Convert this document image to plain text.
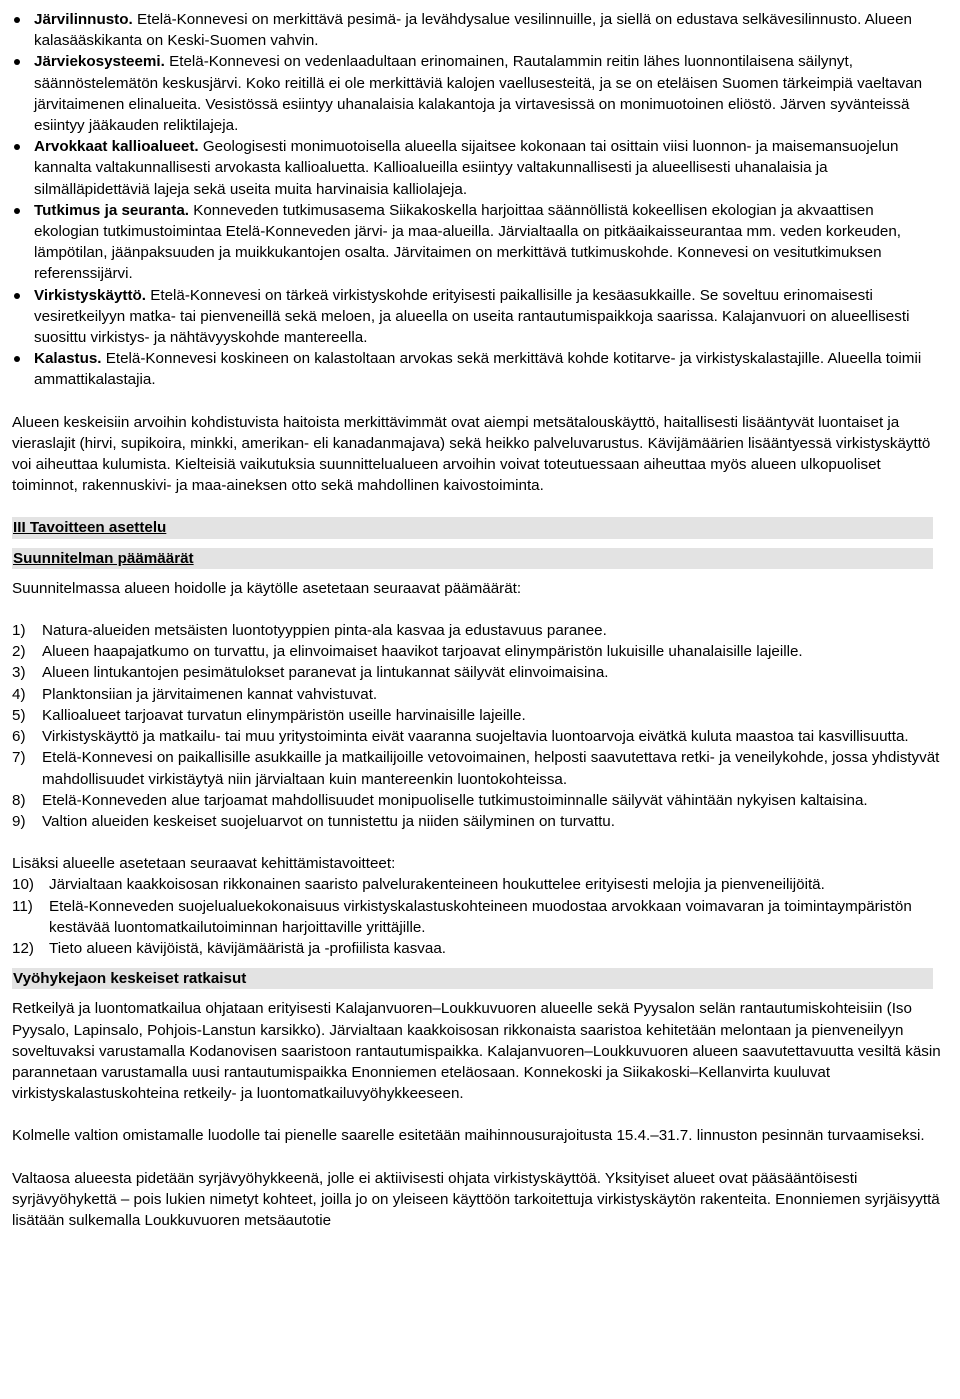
Järvilinnusto. Etelä-Konnevesi on merkittävä pesimä- ja levähdysalue vesilinnuille, ja siellä on edustava selkävesilinnusto. Alueen kalasääskikanta on Keski-Suomen vahvin.
Järviekosysteemi. Etelä-Konnevesi on vedenlaadultaan erinomainen, Rautalammin reitin lähes luonnontilaisena säilynyt, säännöstelemätön keskusjärvi. Koko reitillä ei ole merkittäviä kalojen vaellusesteitä, ja se on eteläisen Suomen tärkeimpiä vaeltavan järvitaimenen elinalueita. Vesistössä esiintyy uhanalaisia kalakantoja ja virtavesissä on monimuotoinen eliöstö. Järven syvänteissä esiintyy jääkauden reliktilajeja.
Arvokkaat kallioalueet. Geologisesti monimuotoisella alueella sijaitsee kokonaan tai osittain viisi luonnon- ja maisemansuojelun kannalta valtakunnallisesti arvokasta kallioaluetta. Kallioalueilla esiintyy valtakunnallisesti ja alueellisesti uhanalaisia ja silmälläpidettäviä lajeja sekä useita muita harvinaisia kalliolajeja.
Tutkimus ja seuranta. Konneveden tutkimusasema Siikakoskella harjoittaa säännöllistä kokeellisen ekologian ja akvaattisen ekologian tutkimustoimintaa Etelä-Konneveden järvi- ja maa-alueilla. Järvialtaalla on pitkäaikaisseurantaa mm. veden korkeuden, lämpötilan, jäänpaksuuden ja muikkukantojen osalta. Järvitaimen on merkittävä tutkimuskohde. Konnevesi on vesitutkimuksen referenssijärvi.
Virkistyskäyttö. Etelä-Konnevesi on tärkeä virkistyskohde erityisesti paikallisille ja kesäasukkaille. Se soveltuu erinomaisesti vesiretkeilyyn matka- tai pienveneillä sekä meloen, ja alueella on useita rantautumispaikkoja saarissa. Kalajanvuori on alueellisesti suosittu virkistys- ja nähtävyyskohde mantereella.
Kalastus. Etelä-Konnevesi koskineen on kalastoltaan arvokas sekä merkittävä kohde kotitarve- ja virkistyskalastajille. Alueella toimii ammattikalastajia.

Alueen keskeisiin arvoihin kohdistuvista haitoista merkittävimmät ovat aiempi metsätalouskäyttö, haitallisesti lisääntyvät luontaiset ja vieraslajit (hirvi, supikoira, minkki, amerikan- eli kanadanmajava) sekä heikko palveluvarustus. Kävijämäärien lisääntyessä virkistyskäyttö voi aiheuttaa kulumista. Kielteisiä vaikutuksia suunnittelualueen arvoihin voivat toteutuessaan aiheuttaa myös alueen ulkopuoliset toiminnot, rakennuskivi- ja maa-aineksen otto sekä mahdollinen kaivostoiminta.

III Tavoitteen asettelu
Suunnitelman päämäärät

Suunnitelmassa alueen hoidolle ja käytölle asetetaan seuraavat päämäärät:

1)	Natura-alueiden metsäisten luontotyyppien pinta-ala kasvaa ja edustavuus paranee.
2)	Alueen haapajatkumo on turvattu, ja elinvoimaiset haavikot tarjoavat elinympäristön lukuisille uhanalaisille lajeille.
3)	Alueen lintukantojen pesimätulokset paranevat ja lintukannat säilyvät elinvoimaisina.
4)	Planktonsiian ja järvitaimenen kannat vahvistuvat.
5)	Kallioalueet tarjoavat turvatun elinympäristön useille harvinaisille lajeille.
6)	Virkistyskäyttö ja matkailu- tai muu yritystoiminta eivät vaaranna suojeltavia luontoarvoja eivätkä kulutа maastoa tai kasvillisuutta.
7)	Etelä-Konnevesi on paikallisille asukkaille ja matkailijoille vetovoimainen, helposti saavutettava retki- ja veneilykohde, jossa yhdistyvät mahdollisuudet virkistäytyä niin järvialtaan kuin mantereenkin luontokohteissa.
8)	Etelä-Konneveden alue tarjoamat mahdollisuudet monipuoliselle tutkimustoiminnalle säilyvät vähintään nykyisen kaltaisina.
9)	Valtion alueiden keskeiset suojeluarvot on tunnistettu ja niiden säilyminen on turvattu.

Lisäksi alueelle asetetaan seuraavat kehittämistavoitteet:

10) Järvialtaan kaakkoisosan rikkonainen saaristo palvelurakenteineen houkuttelee erityisesti melojia ja pienveneilijöitä.
11)	Etelä-Konneveden suojelualuekokonaisuus virkistyskalastuskohteineen muodostaa arvokkaan voimavaran ja toimintaympäristön kestävää luontomatkailutoiminnan harjoittaville yrittäjille.
12) Tieto alueen kävijöistä, kävijämääristä ja -profiilista kasvaa.
Vyöhykejaon keskeiset ratkaisut

Retkeilyä ja luontomatkailua ohjataan erityisesti Kalajanvuoren–Loukkuvuoren alueelle sekä Pyysalon selän rantautumiskohteisiin (Iso Pyysalo, Lapinsalo, Pohjois-Lanstun karsikko). Järvialtaan kaakkoisosan rikkonaista saaristoa kehitetään melontaan ja pienveneilyyn soveltuvaksi varustamalla Kodanovisen saaristoon rantautumispaikka. Kalajanvuoren–Loukkuvuoren alueen saavutettavuutta vesiltä käsin parannetaan varustamalla uusi rantautumispaikka Enonniemen eteläosaan. Konnekoski ja Siikakoski–Kellanvirta kuuluvat virkistyskalastuskohteina retkeily- ja luontomatkailuvyöhykkeeseen.

Kolmelle valtion omistamalle luodolle tai pienelle saarelle esitetään maihinnousurajoitusta 15.4.–31.7. linnuston pesinnän turvaamiseksi.

Valtaosa alueesta pidetään syrjävyöhykkeenä, jolle ei aktiivisesti ohjata virkistyskäyttöä. Yksityiset alueet ovat pääsääntöisesti syrjävyöhykettä – pois lukien nimetyt kohteet, joilla jo on yleiseen käyttöön tarkoitettuja virkistyskäytön rakenteita. Enonniemen syrjäisyyttä lisätään sulkemalla Loukkuvuoren metsäautotie
